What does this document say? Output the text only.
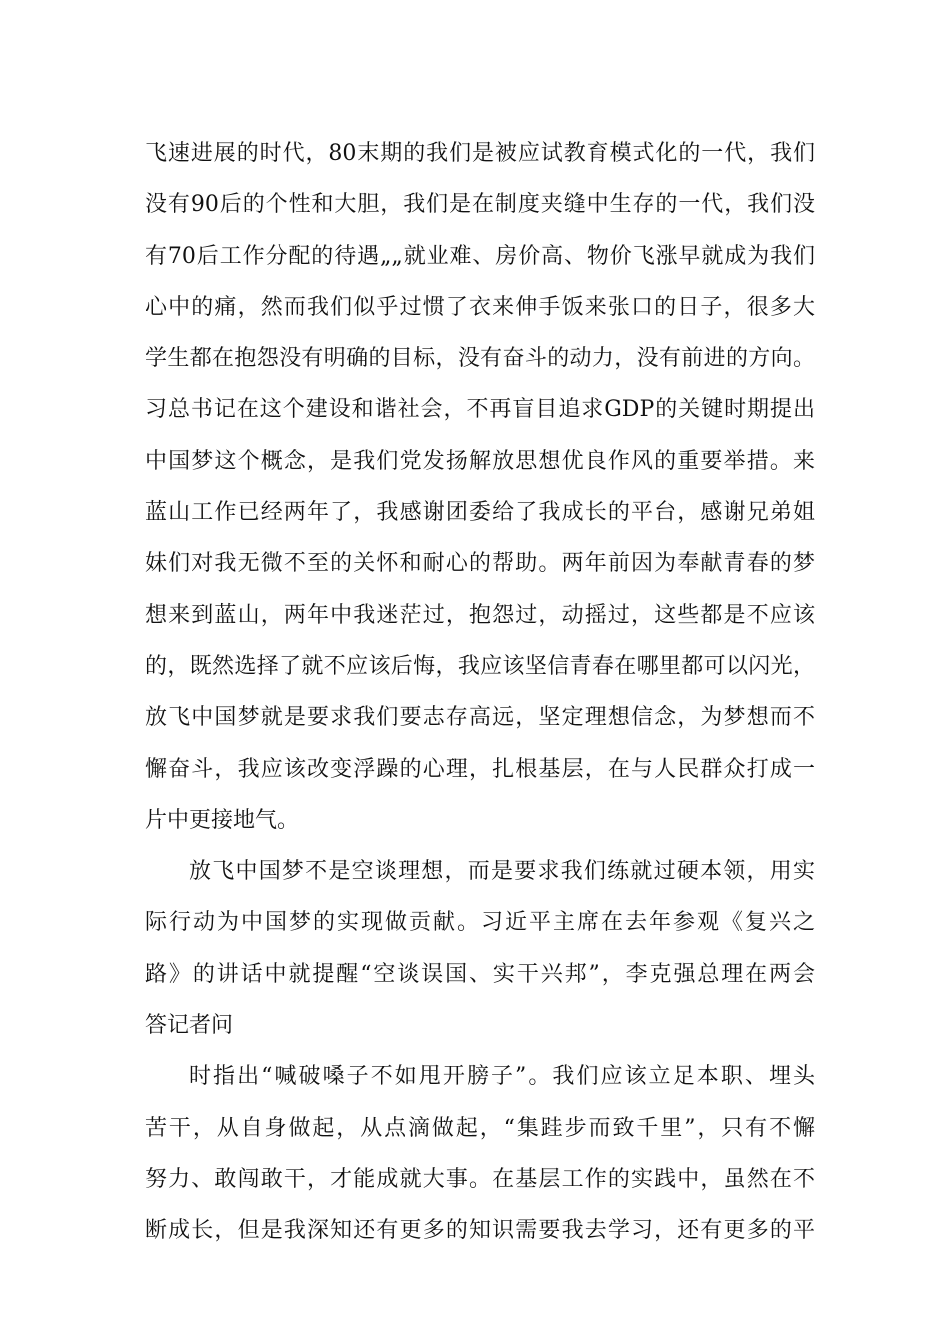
飞速进展的时代，80末期的我们是被应试教育模式化的一代，我们
没有90后的个性和大胆，我们是在制度夹缝中生存的一代，我们没
有70后工作分配的待遇„„就业难、房价高、物价飞涨早就成为我们
心中的痛，然而我们似乎过惯了衣来伸手饭来张口的日子，很多大
学生都在抱怨没有明确的目标，没有奋斗的动力，没有前进的方向。
习总书记在这个建设和谐社会，不再盲目追求GDP的关键时期提出
中国梦这个概念，是我们党发扬解放思想优良作风的重要举措。来
蓝山工作已经两年了，我感谢团委给了我成长的平台，感谢兄弟姐
妹们对我无微不至的关怀和耐心的帮助。两年前因为奉献青春的梦
想来到蓝山，两年中我迷茫过，抱怨过，动摇过，这些都是不应该
的，既然选择了就不应该后悔，我应该坚信青春在哪里都可以闪光，
放飞中国梦就是要求我们要志存高远，坚定理想信念，为梦想而不
懈奋斗，我应该改变浮躁的心理，扎根基层，在与人民群众打成一
片中更接地气。
放飞中国梦不是空谈理想，而是要求我们练就过硬本领，用实
际行动为中国梦的实现做贡献。习近平主席在去年参观《复兴之
路》的讲话中就提醒“空谈误国、实干兴邦”，李克强总理在两会
答记者问
时指出“喊破嗓子不如甩开膀子”。我们应该立足本职、埋头
苦干，从自身做起，从点滴做起，“集跬步而致千里”，只有不懈
努力、敢闯敢干，才能成就大事。在基层工作的实践中，虽然在不
断成长，但是我深知还有更多的知识需要我去学习，还有更多的平
